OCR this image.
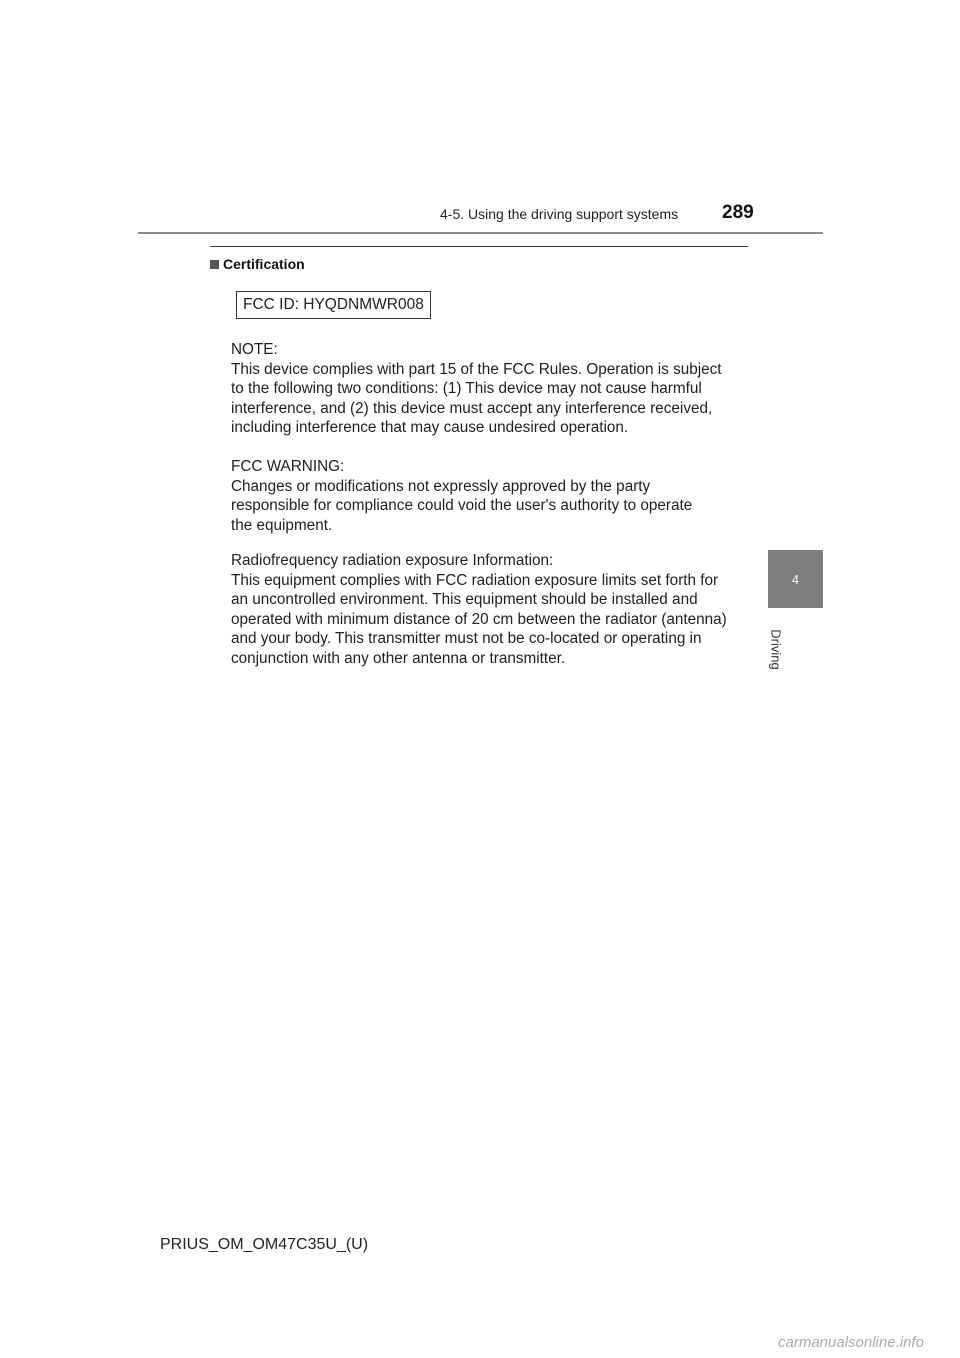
4-5. Using the driving support systems 289
Certification
FCC ID: HYQDNMWR008

NOTE:

This device complies with part 15 of the FCC Rules. Operation is subject

to the following two conditions: (1) This device may not cause harmful

interference, and (2) this device must accept any interference received,

including interference that may cause undesired operation.

FCC WARNING:

Changes or modifications not expressly approved by the party

responsible for compliance could void the user's authority to operate

the equipment.

Radiofrequency radiation exposure Information:

This equipment complies with FCC radiation exposure limits set forth for

an uncontrolled environment. This equipment should be installed and

operated with minimum distance of 20 cm between the radiator (antenna)

and your body. This transmitter must not be co-located or operating in

conjunction with any other antenna or transmitter.

4
Driving
PRIUS_OM_OM47C35U_(U)
carmanualsonline.info
